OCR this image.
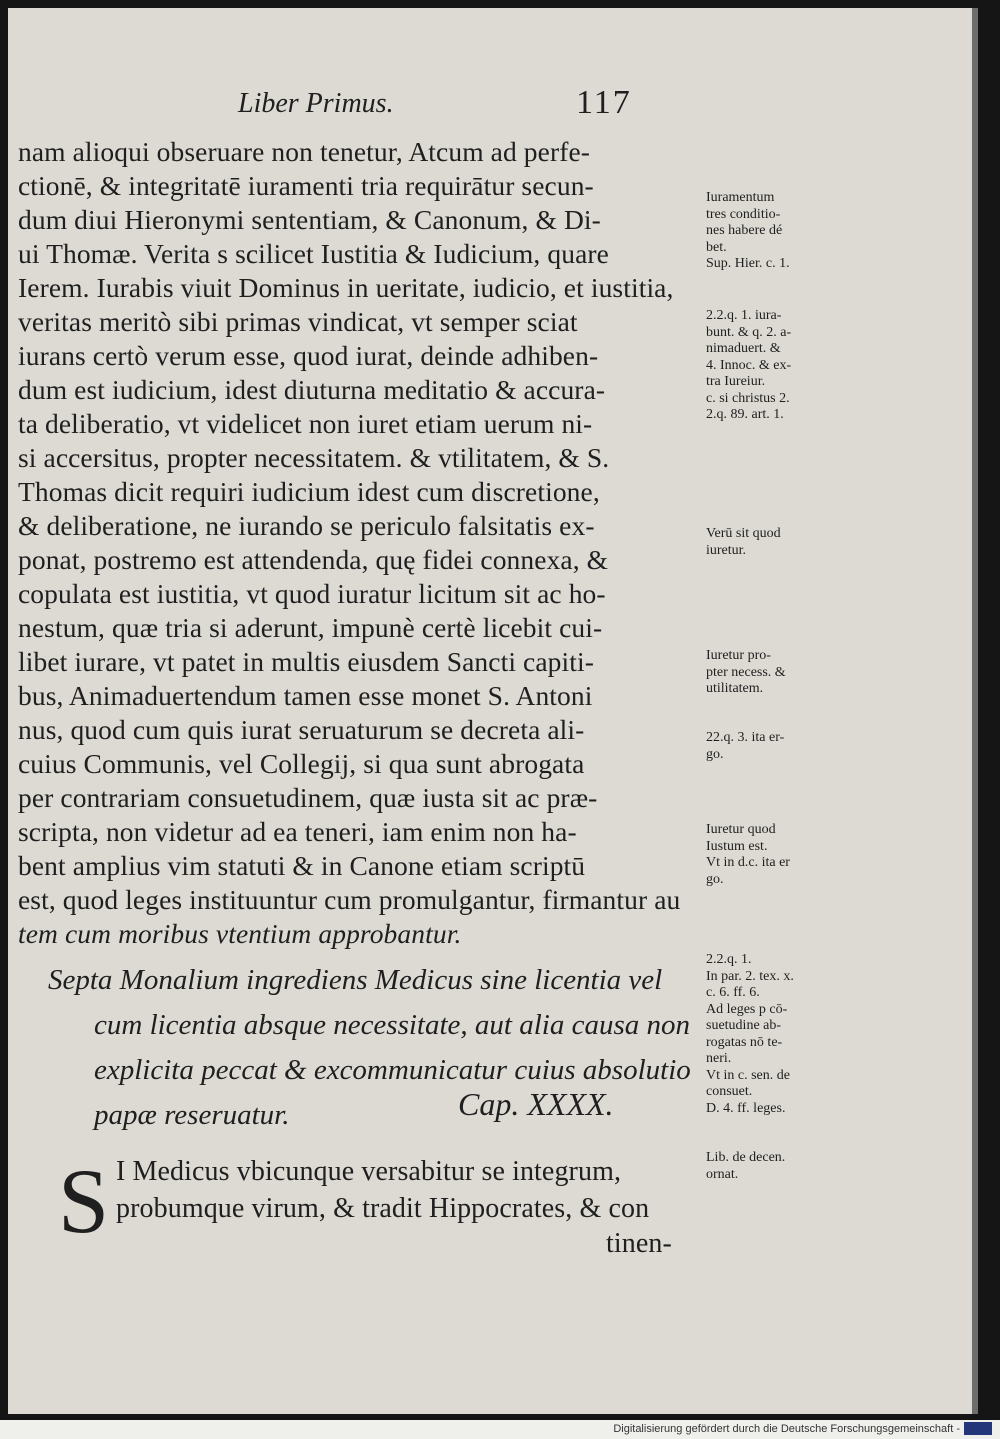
Liber Primus.	117
nam alioqui obseruare non tenetur, Atcum ad perfe-
ctionē, & integritatē iuramenti tria requirātur secun-
dum diui Hieronymi sententiam, & Canonum, & Di-
ui Thomæ. Verita s scilicet Iustitia & Iudicium, quare
Ierem. Iurabis viuit Dominus in ueritate, iudicio, et iustitia,
veritas meritò sibi primas vindicat, vt semper sciat
iurans certò verum esse, quod iurat, deinde adhiben-
dum est iudicium, idest diuturna meditatio & accura-
ta deliberatio, vt videlicet non iuret etiam uerum ni-
si accersitus, propter necessitatem. & vtilitatem, & S.
Thomas dicit requiri iudicium idest cum discretione,
& deliberatione, ne iurando se periculo falsitatis ex-
ponat, postremo est attendenda, quę fidei connexa, &
copulata est iustitia, vt quod iuratur licitum sit ac ho-
nestum, quæ tria si aderunt, impunè certè licebit cui-
libet iurare, vt patet in multis eiusdem Sancti capiti-
bus, Animaduertendum tamen esse monet S. Antoni
nus, quod cum quis iurat seruaturum se decreta ali-
cuius Communis, vel Collegij, si qua sunt abrogata
per contrariam consuetudinem, quæ iusta sit ac præ-
scripta, non videtur ad ea teneri, iam enim non ha-
bent amplius vim statuti & in Canone etiam scriptū
est, quod leges instituuntur cum promulgantur, firmantur au
tem cum moribus vtentium approbantur.
Septa Monalium ingrediens Medicus sine licentia vel
cum licentia absque necessitate, aut alia causa non
explicita peccat & excommunicatur cuius absolutio
papæ reseruatur.	Cap. XXXX.
S I Medicus vbicunque versabitur se integrum,
probumque virum, & tradit Hippocrates, & con
tinen-
Iuramentum
tres conditio-
nes habere dé
bet.
Sup. Hier. c. 1.
2.2.q. 1. iura-
bunt. & q. 2. a-
nimaduert. &
4. Innoc. & ex-
tra Iureiur.
c. si christus 2.
2.q. 89. art. 1.
Verū sit quod
iuretur.
Iuretur pro-
pter necess. &
utilitatem.
22.q. 3. ita er-
go.
Iuretur quod
Iustum est.
Vt in d.c. ita er
go.
2.2.q. 1.
In par. 2. tex. x.
c. 6. ff. 6.
Ad leges p cō-
suetudine ab-
rogatas nō te-
neri.
Vt in c. sen. de
consuet.
D. 4. ff. leges.
Lib. de decen.
ornat.
Digitalisierung gefördert durch die Deutsche Forschungsgemeinschaft -
